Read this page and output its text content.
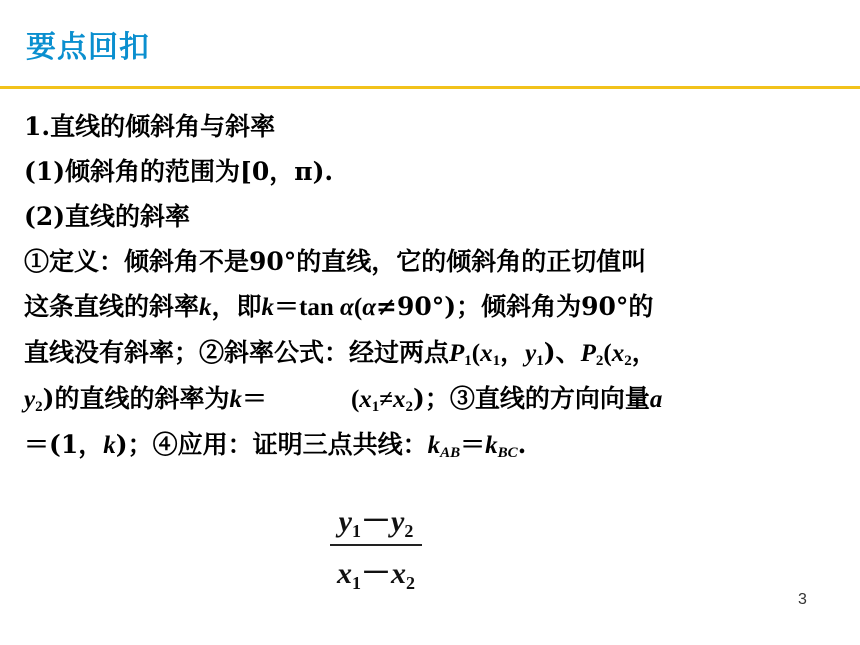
要点回扣
1.直线的倾斜角与斜率
(1)倾斜角的范围为[0，π).
(2)直线的斜率
①定义：倾斜角不是90°的直线，它的倾斜角的正切值叫
这条直线的斜率k，即k＝tan α(α≠90°)；倾斜角为90°的
直线没有斜率；②斜率公式：经过两点$P_1(x_1$，$y_1$)、$P_2(x_2$，
$y_2$)的直线的斜率为k＝	$(x_1\ne x_2)$；③直线的方向向量a
＝(1，k)；④应用：证明三点共线：$k_{AB}=k_{BC}$.
$y_1-y_2$
$x_1-x_2$
3
